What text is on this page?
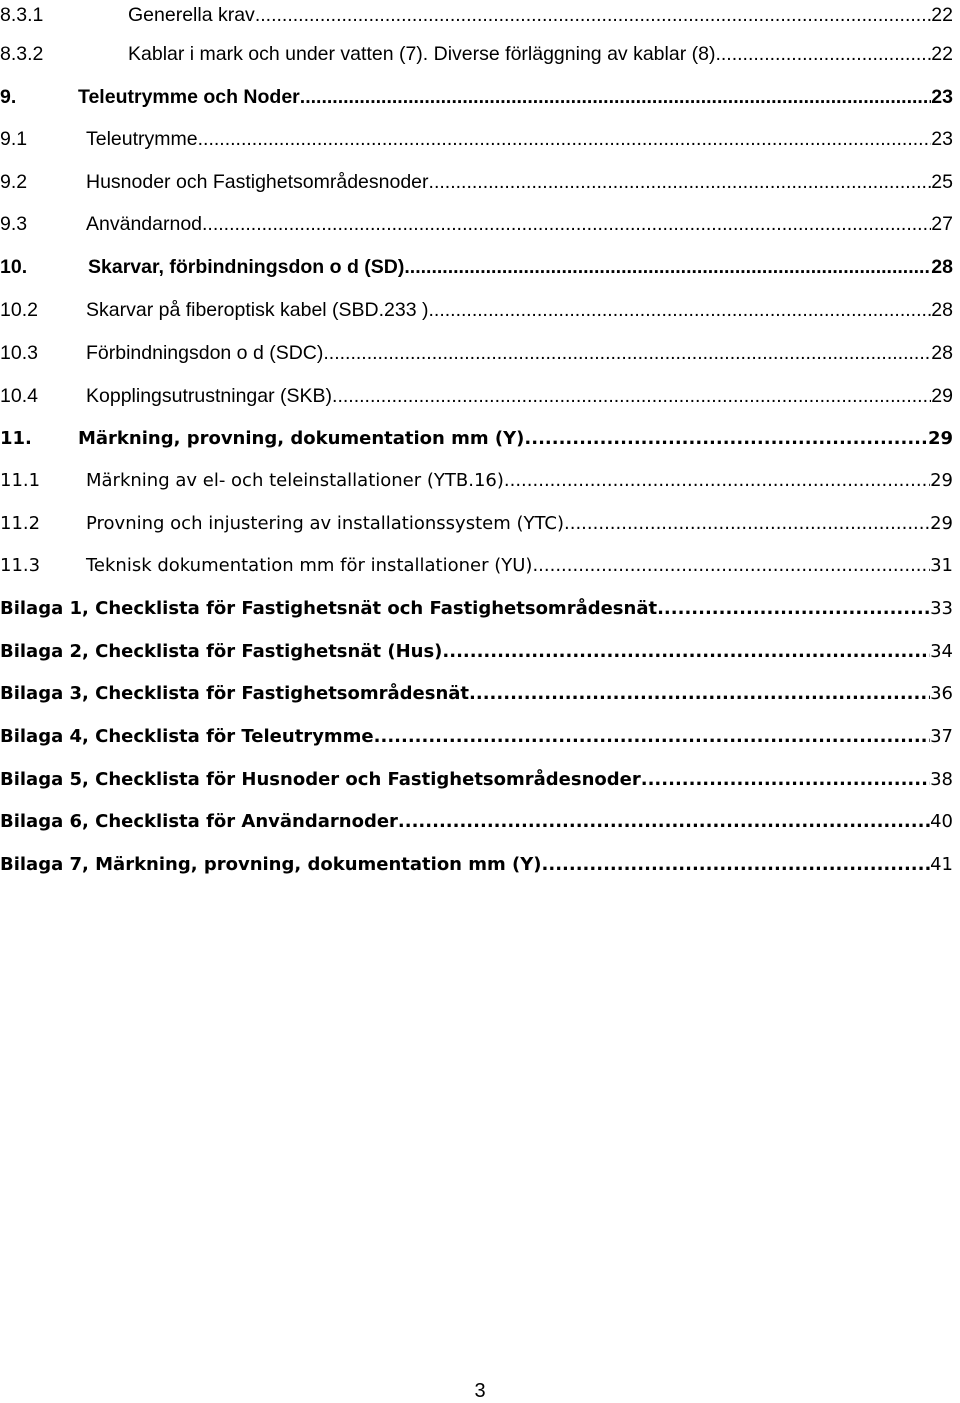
8.3.1	Generella krav .....	22
8.3.2	Kablar i mark och under vatten (7). Diverse förläggning av kablar (8) .....	22
9.	Teleutrymme och Noder .....	23
9.1	Teleutrymme .....	23
9.2	Husnoder och Fastighetsområdesnoder .....	25
9.3	Användarnod .....	27
10.	Skarvar, förbindningsdon o d (SD) .....	28
10.2	Skarvar på fiberoptisk kabel (SBD.233 ) .....	28
10.3	Förbindningsdon o d (SDC) .....	28
10.4	Kopplingsutrustningar (SKB) .....	29
11.	Märkning, provning, dokumentation mm (Y) .....	29
11.1	Märkning av el- och teleinstallationer (YTB.16) .....	29
11.2	Provning och injustering av installationssystem (YTC) .....	29
11.3	Teknisk dokumentation mm för installationer (YU) .....	31
Bilaga 1, Checklista för Fastighetsnät och Fastighetsområdesnät .....	33
Bilaga 2, Checklista för Fastighetsnät (Hus) .....	34
Bilaga 3, Checklista för Fastighetsområdesnät .....	36
Bilaga 4, Checklista för Teleutrymme .....	37
Bilaga 5, Checklista för Husnoder och Fastighetsområdesnoder .....	38
Bilaga 6, Checklista för Användarnoder .....	40
Bilaga 7, Märkning, provning, dokumentation mm (Y) .....	41
3
